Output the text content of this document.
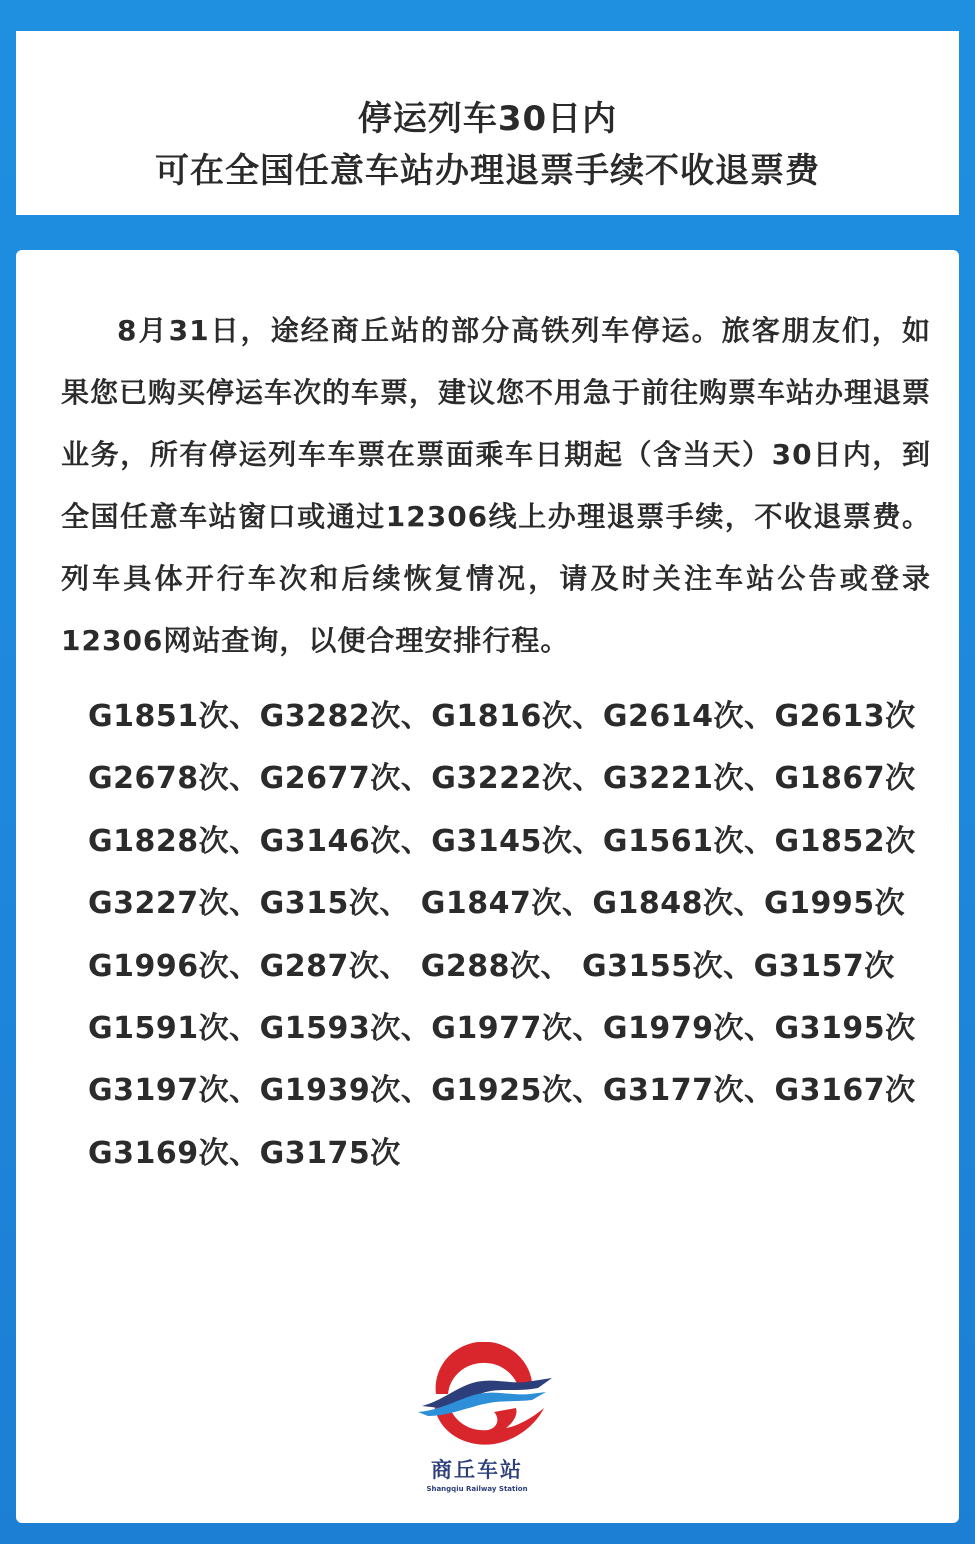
停运列车30日内
可在全国任意车站办理退票手续不收退票费

8月31日，途经商丘站的部分高铁列车停运。旅客朋友们，如果您已购买停运车次的车票，建议您不用急于前往购票车站办理退票业务，所有停运列车车票在票面乘车日期起（含当天）30日内，到全国任意车站窗口或通过12306线上办理退票手续，不收退票费。列车具体开行车次和后续恢复情况，请及时关注车站公告或登录12306网站查询，以便合理安排行程。

G1851次、G3282次、G1816次、G2614次、G2613次
G2678次、G2677次、G3222次、G3221次、G1867次
G1828次、G3146次、G3145次、G1561次、G1852次
G3227次、G315次、 G1847次、G1848次、G1995次
G1996次、G287次、 G288次、 G3155次、G3157次
G1591次、G1593次、G1977次、G1979次、G3195次
G3197次、G1939次、G1925次、G3177次、G3167次
G3169次、G3175次
商丘车站
Shangqiu Railway Station
